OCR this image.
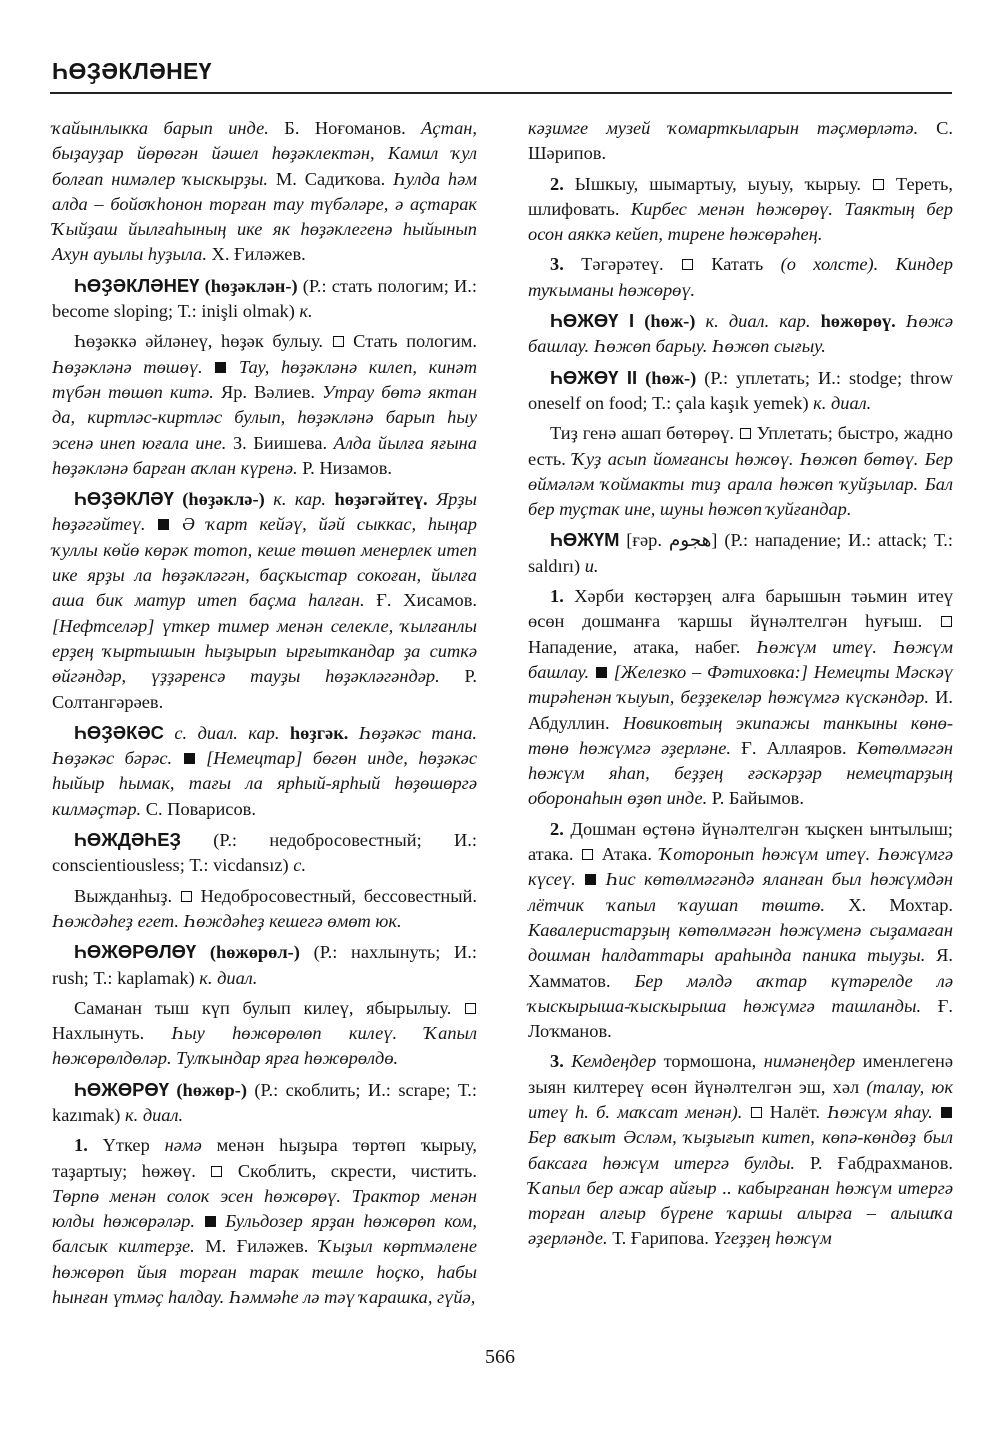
ҺӨҘӘКЛӘНЕҮ

ҡайынлыкка барып инде. Б. Ноғоманов. Аҫтан, быҙауҙар йөрөгән йәшел һөҙәклектән, Камил ҡул болғап нимәлер ҡыскырҙы. М. Садиҡова. Һулда һәм алда – бойоҡһонон торған тау түбәләре, ә аҫтарак Ҡыйҙаш йылғаһының ике як һөҙәклегенә һыйынып Ахун ауылы һуҙыла. Х. Ғиләжев.

ҺӨҘӘКЛӘНЕҮ (һөҙәклән-) (Р.: стать пологим; И.: become sloping; Т.: inişli olmak) к.

Һөҙәккә әйләнеү, һөҙәк булыу.  Стать пологим. Һөҙәкләнә төшөү.  Тау, һөҙәкләнә килеп, кинәт түбән төшөп китә. Яр. Вәлиев. Утрау бөтә яктан да, киртләс-киртләс булып, һөҙәкләнә барып һыу эсенә инеп юғала ине. З. Биишева. Алда йылға яғына һөҙәкләнә барған аҡлан күренә. Р. Низамов.

ҺӨҘӘКЛӘҮ (һөҙәклә-) к. кар. һөҙәгәйтеү. Ярҙы һөҙәгәйтеү.  Ә ҡарт кейәү, йәй сыккас, һыңар ҡуллы көйө көрәк тотоп, кеше төшөп менерлек итеп ике ярҙы ла һөҙәкләгән, баҫкыстар сокоған, йылға аша бик матур итеп баҫма һалған. Ғ. Хисамов. [Нефтселәр] үткер тимер менән селекле, ҡылғанлы ерҙең ҡыртышын һыҙырып ырғыткандар ҙа ситкә өйгәндәр, үҙҙәренсә тауҙы һөҙәкләгәндәр. Р. Солтангәрәев.

ҺӨҘӘКӘС с. диал. кар. һөҙгәк. Һөҙәкәс тана. Һөҙәкәс бәрәс.  [Немецтар] бөгөн инде, һөҙәкәс һыйыр һымак, тағы ла ярһый-ярһый һөҙөшөргә килмәҫтәр. С. Поварисов.

ҺӨЖДӘҺЕҘ (Р.: недобросовестный; И.: conscientiousless; Т.: vicdansız) с.

Выжданһыҙ.  Недобросовестный, бессовестный. Һөждәһеҙ егет. Һөждәһеҙ кешегә өмөт юк.

ҺӨЖӨРӨЛӨҮ (һөжөрөл-) (Р.: нахлынуть; И.: rush; Т.: kaplamak) к. диал.

Саманан тыш күп булып килеү, ябырылыу.  Нахлынуть. Һыу һөжөрөлөп килеү. Ҡапыл һөжөрөлдөләр. Тулҡындар ярға һөжөрөлдө.

ҺӨЖӨРӨҮ (һөжөр-) (Р.: скоблить; И.: scrape; Т.: kazımak) к. диал.

1. Үткер нәмә менән һыҙыра төртөп ҡырыу, таҙартыу; һөжөү.  Скоблить, скрести, чистить. Төрпө менән солок эсен һөжөрөү. Трактор менән юлды һөжөрәләр.  Бульдозер ярҙан һөжөрөп ком, балсык килтерҙе. М. Ғиләжев. Ҡыҙыл көртмәлене һөжөрөп йыя торған тарак тешле һоҫко, һабы һынған үтмәҫ һалдау. Һәммәһе лә тәү ҡарашка, гүйә,

кәҙимге музей ҡомарткыларын тәҫмөрләтә. С. Шәрипов.

2. Ышкыу, шымартыу, ыуыу, ҡырыу.  Тереть, шлифовать. Кирбес менән һөжөрөү. Таяктың бер осон аяккә кейеп, тирене һөжөрәһең.

3. Тәгәрәтеү.  Катать (о холсте). Киндер туҡыманы һөжөрөү.

ҺӨЖӨҮ I (һөж-) к. диал. кар. һөжөрөү. Һөжә башлау. Һөжөп барыу. Һөжөп сығыу.

ҺӨЖӨҮ II (һөж-) (Р.: уплетать; И.: stodge; throw oneself on food; Т.: çala kaşık yemek) к. диал.

Тиҙ генә ашап бөтөрөү.  Уплетать; быстро, жадно есть. Ҡуҙ асып йомғансы һөжөү. Һөжөп бөтөү. Бер өймәләм ҡоймакты тиҙ арала һөжөп ҡуйҙылар. Бал бер туҫтак ине, шуны һөжөп ҡуйғандар.

ҺӨЖҮМ [ғәр. هجوم] (Р.: нападение; И.: attack; Т.: saldırı) и.

1. Хәрби көстәрҙең алға барышын тәьмин итеү өсөн дошманға ҡаршы йүнәлтелгән һуғыш.  Нападение, атака, набег. Һөжүм итеү. Һөжүм башлау.  [Железко – Фәтиховка:] Немецты Мәскәү тирәһенән ҡыуып, беҙҙекеләр һөжүмгә күскәндәр. И. Абдуллин. Новиковтың экипажы танкыны көнө-төнө һөжүмгә әҙерләне. Ғ. Аллаяров. Көтөлмәгән һөжүм яһап, беҙҙең ғәскәрҙәр немецтарҙың оборонаһын өҙөп инде. Р. Байымов.

2. Дошман өҫтөнә йүнәлтелгән ҡыҫкен ынтылыш; атака.  Атака. Ҡоторонып һөжүм итеү. Һөжүмгә күсеү.  Һис көтөлмәгәндә яланған был һөжүмдән лётчик ҡапыл ҡаушап төштө. Х. Мохтар. Кавалеристарҙың көтөлмәгән һөжүменә сыҙамаған дошман һалдаттары араһында паника тыуҙы. Я. Хамматов. Бер мәлдә аҡтар күтәрелде лә ҡыскырыша-ҡыскырыша һөжүмгә ташланды. Ғ. Лоҡманов.

3. Кемдеңдер тормошона, нимәнеңдер именлегенә зыян килтереү өсөн йүнәлтелгән эш, хәл (талау, юк итеү һ. б. маҡсат менән).  Налёт. Һөжүм яһау.  Бер ваҡыт Әсләм, ҡыҙығып китеп, көпә-көндөҙ был баксаға һөжүм итергә булды. Р. Ғабдрахманов. Ҡапыл бер ажар айғыр .. кабырғанан һөжүм итергә торған алғыр бүрене ҡаршы алырға – алышҡа әҙерләнде. Т. Ғарипова. Үгеҙҙең һөжүм

566
